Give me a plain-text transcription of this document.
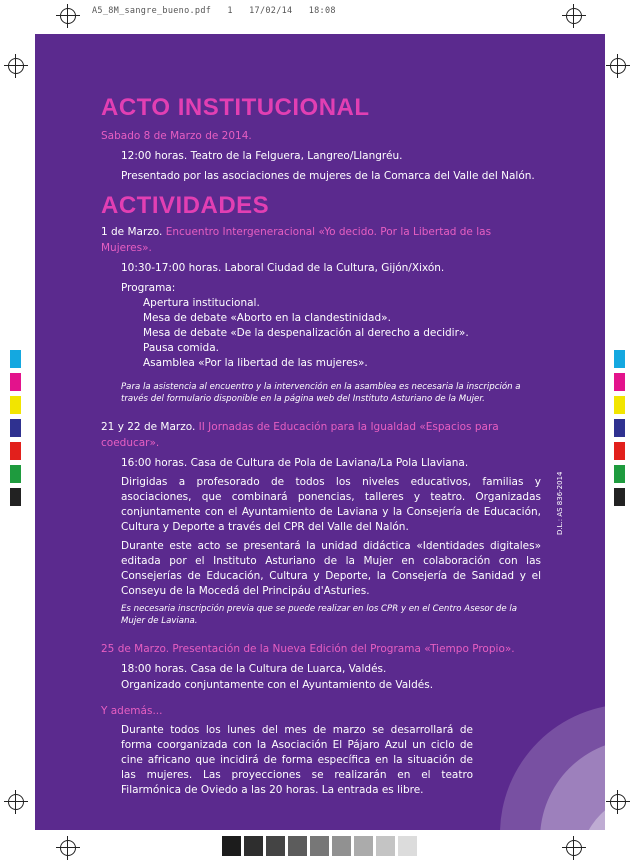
A5_8M_sangre_bueno.pdf   1   17/02/14   18:08
D.L.: AS 836-2014
ACTO INSTITUCIONAL

Sabado 8 de Marzo de 2014.

12:00 horas. Teatro de la Felguera, Langreo/Llangréu.

Presentado por las asociaciones de mujeres de la Comarca del Valle del Nalón.

ACTIVIDADES

1 de Marzo. Encuentro Intergeneracional «Yo decido. Por la Libertad de las Mujeres».

10:30-17:00 horas. Laboral Ciudad de la Cultura, Gijón/Xixón.

Programa:

Apertura institucional.

Mesa de debate «Aborto en la clandestinidad».

Mesa de debate «De la despenalización al derecho a decidir».

Pausa comida.

Asamblea «Por la libertad de las mujeres».

Para la asistencia al encuentro y la intervención en la asamblea es necesaria la inscripción a través del formulario disponible en la página web del Instituto Asturiano de la Mujer.

21 y 22 de Marzo. II Jornadas de Educación para la Igualdad «Espacios para coeducar».

16:00 horas. Casa de Cultura de Pola de Laviana/La Pola Llaviana.

Dirigidas a profesorado de todos los niveles educativos, familias y asociaciones, que combinará ponencias, talleres y teatro. Organizadas conjuntamente con el Ayuntamiento de Laviana y la Consejería de Educación, Cultura y Deporte a través del CPR del Valle del Nalón.

Durante este acto se presentará la unidad didáctica «Identidades digitales» editada por el Instituto Asturiano de la Mujer en colaboración con las Consejerías de Educación, Cultura y Deporte, la Consejería de Sanidad y el Conseyu de la Mocedá del Principáu d'Asturies.

Es necesaria inscripción previa que se puede realizar en los CPR y en el Centro Asesor de la Mujer de Laviana.

25 de Marzo. Presentación de la Nueva Edición del Programa «Tiempo Propio».

18:00 horas. Casa de la Cultura de Luarca, Valdés.

Organizado conjuntamente con el Ayuntamiento de Valdés.

Y además...

Durante todos los lunes del mes de marzo se desarrollará de forma coorganizada con la Asociación El Pájaro Azul un ciclo de cine africano que incidirá de forma específica en la situación de las mujeres. Las proyecciones se realizarán en el teatro Filarmónica de Oviedo a las 20 horas. La entrada es libre.
